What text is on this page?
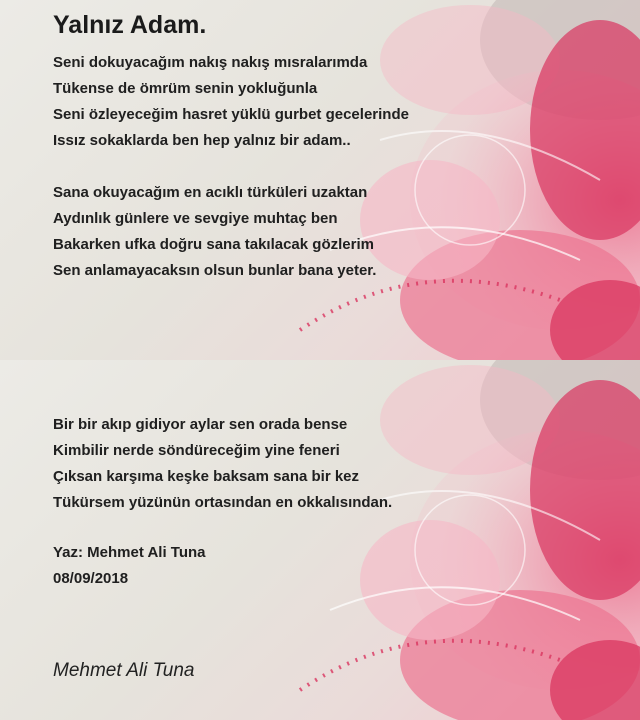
Yalnız Adam.
Seni dokuyacağım nakış nakış mısralarımda
Tükense de ömrüm senin yokluğunla
Seni özleyeceğim hasret yüklü gurbet gecelerinde
Issız sokaklarda ben hep yalnız bir adam..
Sana okuyacağım en acıklı türküleri uzaktan
Aydınlık günlere ve sevgiye muhtaç ben
Bakarken ufka doğru sana takılacak gözlerim
Sen anlamayacaksın olsun bunlar bana yeter.
Bir bir akıp gidiyor aylar sen orada bense
Kimbilir nerde söndüreceğim yine feneri
Çıksan karşıma keşke baksam sana bir kez
Tükürsem yüzünün ortasından en okkalısından.
Yaz: Mehmet Ali Tuna
08/09/2018
Mehmet Ali Tuna
